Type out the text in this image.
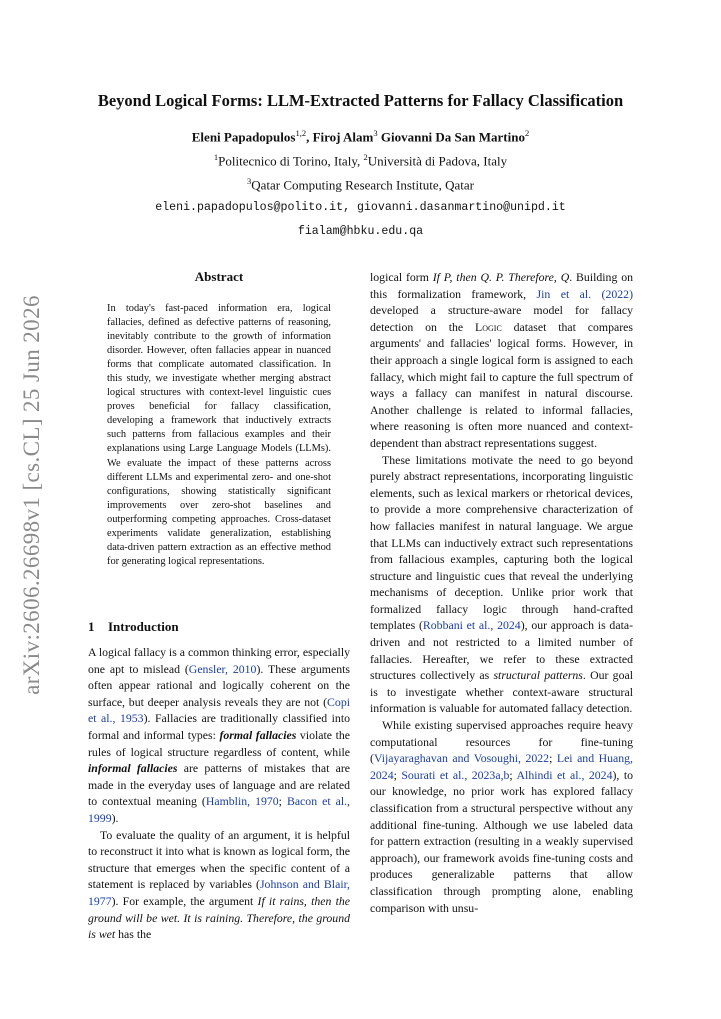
arXiv:2606.26698v1 [cs.CL] 25 Jun 2026
Beyond Logical Forms: LLM-Extracted Patterns for Fallacy Classification
Eleni Papadopulos$^{1,2}$, Firoj Alam$^3$ Giovanni Da San Martino$^2$
$^1$Politecnico di Torino, Italy, $^2$Università di Padova, Italy
$^3$Qatar Computing Research Institute, Qatar
eleni.papadopulos@polito.it, giovanni.dasanmartino@unipd.it
fialam@hbku.edu.qa
Abstract
In today's fast-paced information era, logical fallacies, defined as defective patterns of reasoning, inevitably contribute to the growth of information disorder. However, often fallacies appear in nuanced forms that complicate automated classification. In this study, we investigate whether merging abstract logical structures with context-level linguistic cues proves beneficial for fallacy classification, developing a framework that inductively extracts such patterns from fallacious examples and their explanations using Large Language Models (LLMs). We evaluate the impact of these patterns across different LLMs and experimental zero- and one-shot configurations, showing statistically significant improvements over zero-shot baselines and outperforming competing approaches. Cross-dataset experiments validate generalization, establishing data-driven pattern extraction as an effective method for generating logical representations.
1 Introduction

A logical fallacy is a common thinking error, especially one apt to mislead (Gensler, 2010). These arguments often appear rational and logically coherent on the surface, but deeper analysis reveals they are not (Copi et al., 1953). Fallacies are traditionally classified into formal and informal types: formal fallacies violate the rules of logical structure regardless of content, while informal fallacies are patterns of mistakes that are made in the everyday uses of language and are related to contextual meaning (Hamblin, 1970; Bacon et al., 1999).

To evaluate the quality of an argument, it is helpful to reconstruct it into what is known as logical form, the structure that emerges when the specific content of a statement is replaced by variables (Johnson and Blair, 1977). For example, the argument If it rains, then the ground will be wet. It is raining. Therefore, the ground is wet has the

logical form If P, then Q. P. Therefore, Q. Building on this formalization framework, Jin et al. (2022) developed a structure-aware model for fallacy detection on the Logic dataset that compares arguments' and fallacies' logical forms. However, in their approach a single logical form is assigned to each fallacy, which might fail to capture the full spectrum of ways a fallacy can manifest in natural discourse. Another challenge is related to informal fallacies, where reasoning is often more nuanced and context-dependent than abstract representations suggest.

These limitations motivate the need to go beyond purely abstract representations, incorporating linguistic elements, such as lexical markers or rhetorical devices, to provide a more comprehensive characterization of how fallacies manifest in natural language. We argue that LLMs can inductively extract such representations from fallacious examples, capturing both the logical structure and linguistic cues that reveal the underlying mechanisms of deception. Unlike prior work that formalized fallacy logic through hand-crafted templates (Robbani et al., 2024), our approach is data-driven and not restricted to a limited number of fallacies. Hereafter, we refer to these extracted structures collectively as structural patterns. Our goal is to investigate whether context-aware structural information is valuable for automated fallacy detection.

While existing supervised approaches require heavy computational resources for fine-tuning (Vijayaraghavan and Vosoughi, 2022; Lei and Huang, 2024; Sourati et al., 2023a,b; Alhindi et al., 2024), to our knowledge, no prior work has explored fallacy classification from a structural perspective without any additional fine-tuning. Although we use labeled data for pattern extraction (resulting in a weakly supervised approach), our framework avoids fine-tuning costs and produces generalizable patterns that allow classification through prompting alone, enabling comparison with unsu-
